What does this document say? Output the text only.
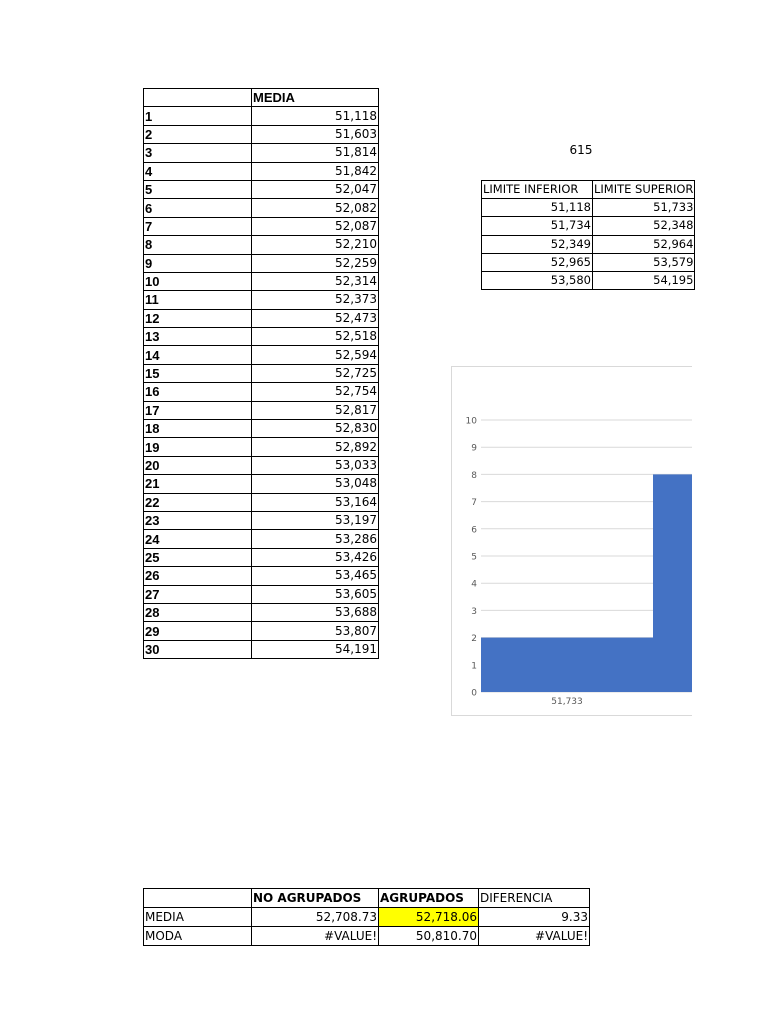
	MEDIA
1	51,118
2	51,603
3	51,814
4	51,842
5	52,047
6	52,082
7	52,087
8	52,210
9	52,259
10	52,314
11	52,373
12	52,473
13	52,518
14	52,594
15	52,725
16	52,754
17	52,817
18	52,830
19	52,892
20	53,033
21	53,048
22	53,164
23	53,197
24	53,286
25	53,426
26	53,465
27	53,605
28	53,688
29	53,807
30	54,191
615
LIMITE INFERIOR	LIMITE SUPERIOR
51,118	51,733
51,734	52,348
52,349	52,964
52,965	53,579
53,580	54,195
0
1
2
3
4
5
6
7
8
9
10
51,733
	NO AGRUPADOS	AGRUPADOS	DIFERENCIA
MEDIA	52,708.73	52,718.06	9.33
MODA	#VALUE!	50,810.70	#VALUE!
